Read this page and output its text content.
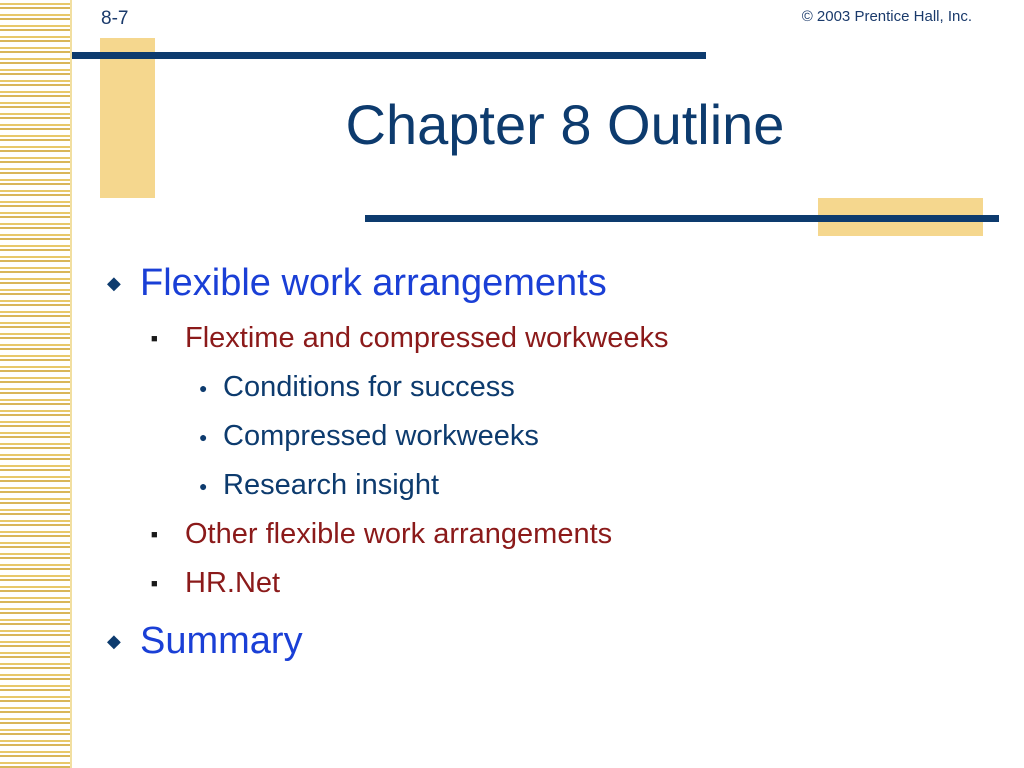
8-7	© 2003 Prentice Hall, Inc.
Chapter 8 Outline
◆ Flexible work arrangements
■ Flextime and compressed workweeks
● Conditions for success
● Compressed workweeks
● Research insight
■ Other flexible work arrangements
■ HR.Net
◆ Summary
